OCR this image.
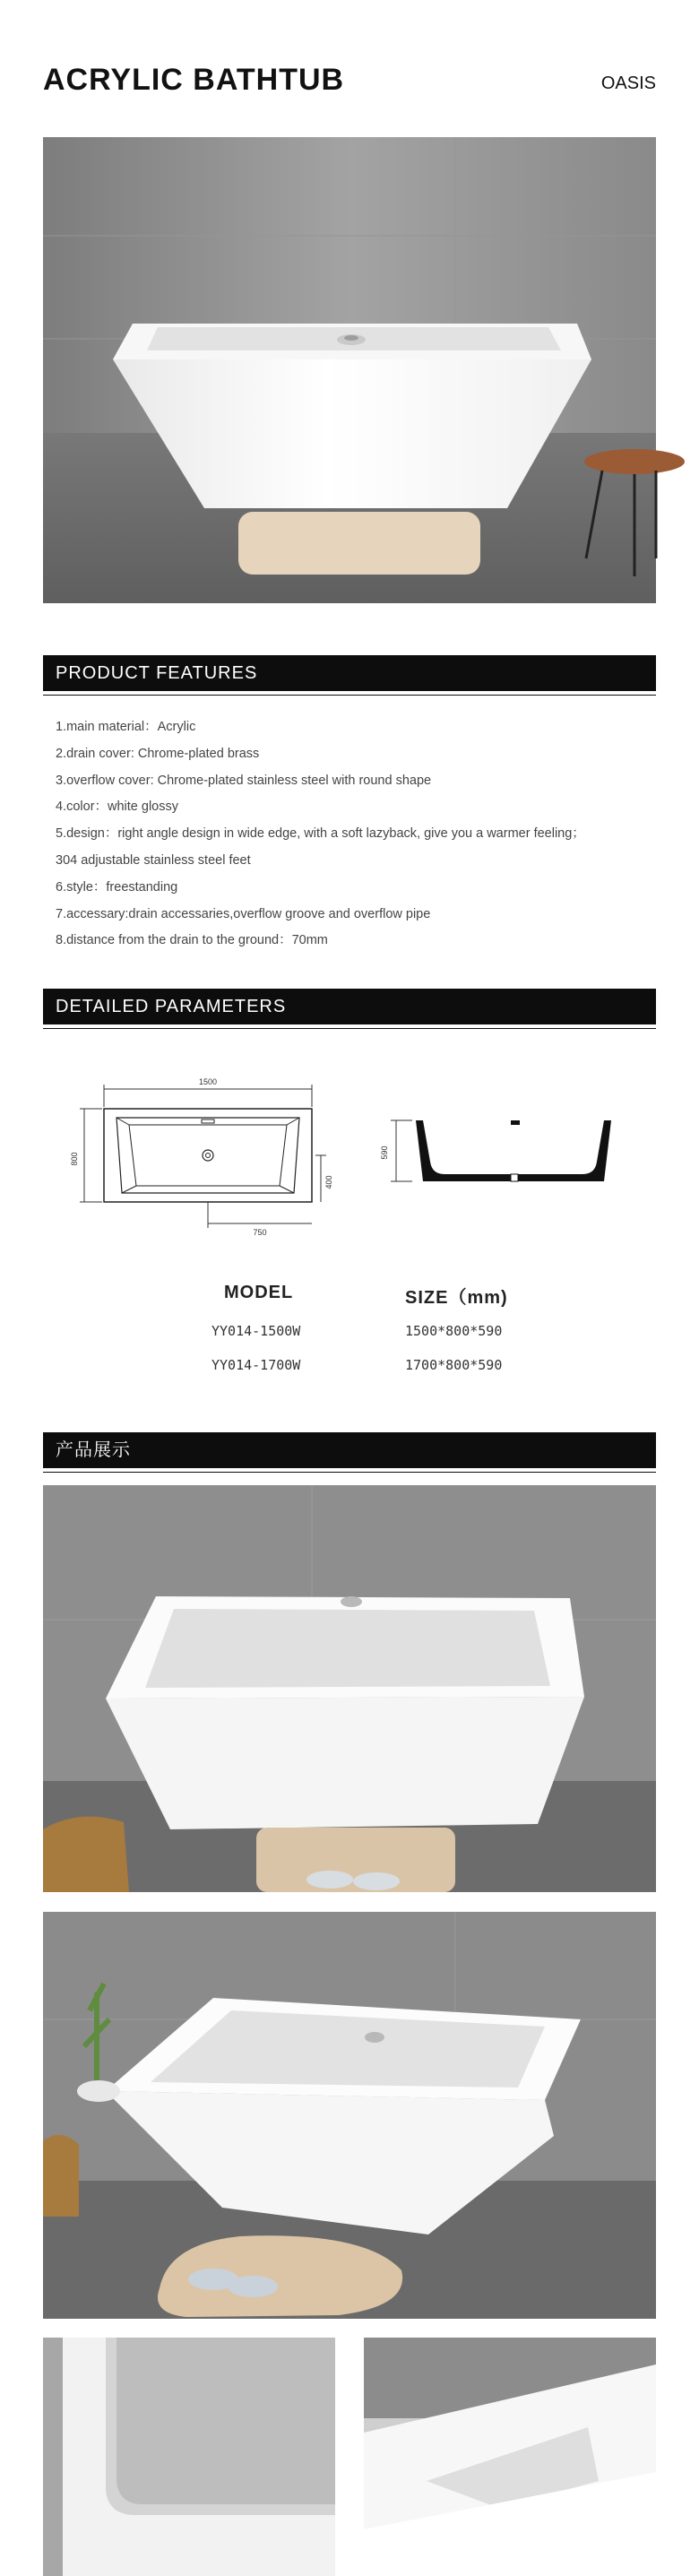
ACRYLIC BATHTUB	OASIS
PRODUCT FEATURES
1.main material：Acrylic
2.drain cover: Chrome-plated brass
3.overflow cover: Chrome-plated stainless steel with round shape
4.color：white glossy
5.design：right angle design in wide edge, with a soft lazyback, give you a warmer feeling；
304 adjustable stainless steel feet
6.style：freestanding
7.accessary:drain accessaries,overflow groove and overflow pipe
8.distance from the drain to the ground：70mm
DETAILED PARAMETERS
1500
800
400
750
590
MODEL	SIZE（mm)
YY014-1500W	1500*800*590
YY014-1700W	1700*800*590
产品展示
